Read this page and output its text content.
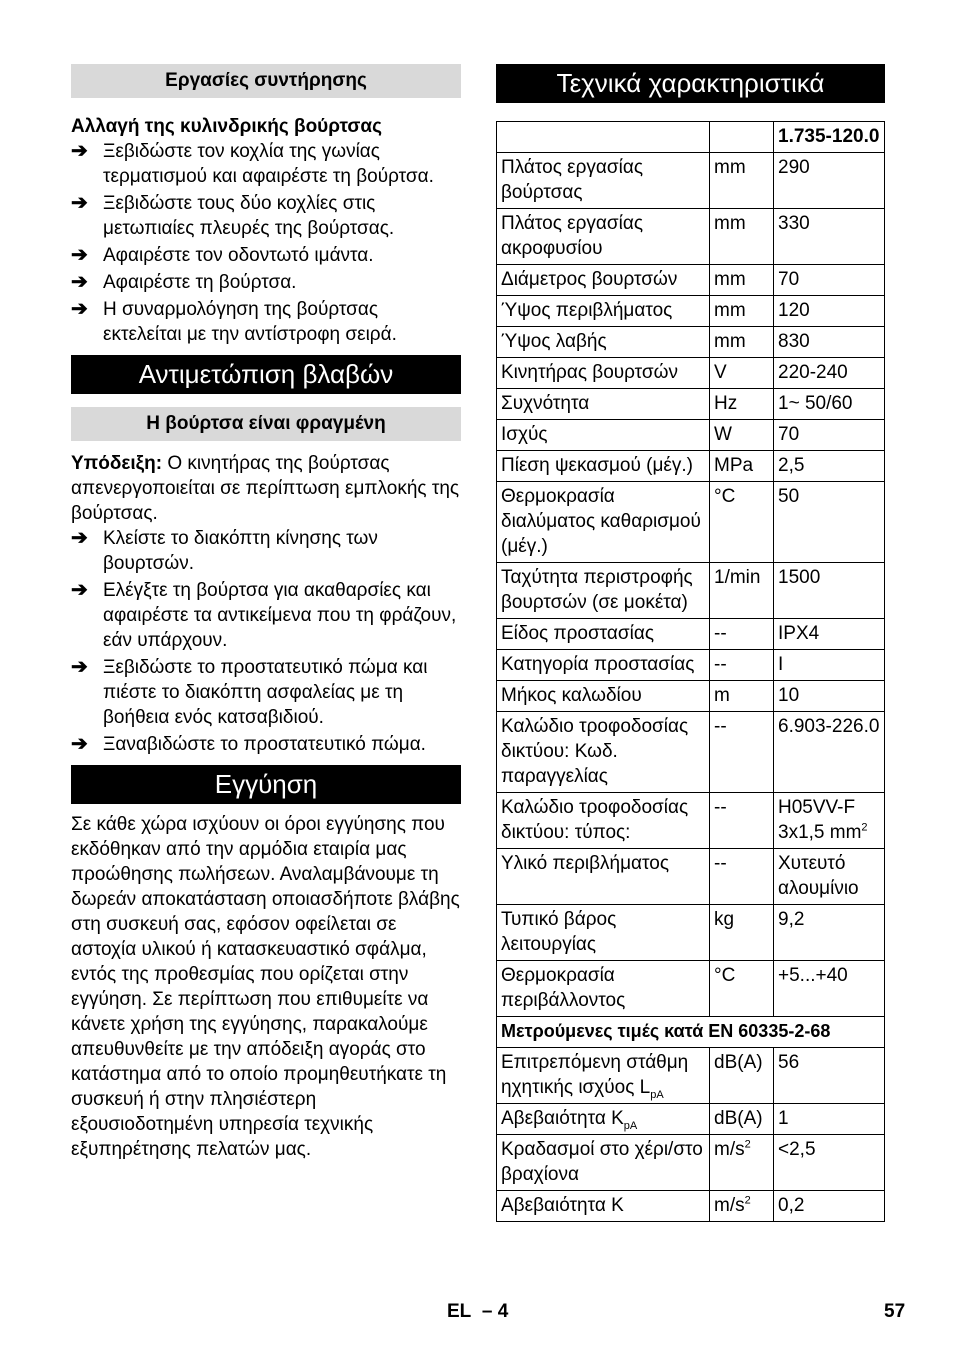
Εργασίες συντήρησης

Αλλαγή της κυλινδρικής βούρτσας

➔ Ξεβιδώστε τον κοχλία της γωνίας τερματισμού και αφαιρέστε τη βούρτσα.
➔ Ξεβιδώστε τους δύο κοχλίες στις μετωπιαίες πλευρές της βούρτσας.
➔ Αφαιρέστε τον οδοντωτό ιμάντα.
➔ Αφαιρέστε τη βούρτσα.
➔ Η συναρμολόγηση της βούρτσας εκτελείται με την αντίστροφη σειρά.
Αντιμετώπιση βλαβών
Η βούρτσα είναι φραγμένη

Υπόδειξη: Ο κινητήρας της βούρτσας απενεργοποιείται σε περίπτωση εμπλοκής της βούρτσας.

➔ Κλείστε το διακόπτη κίνησης των βουρτσών.
➔ Ελέγξτε τη βούρτσα για ακαθαρσίες και αφαιρέστε τα αντικείμενα που τη φράζουν, εάν υπάρχουν.
➔ Ξεβιδώστε το προστατευτικό πώμα και πιέστε το διακόπτη ασφαλείας με τη βοήθεια ενός κατσαβιδιού.
➔ Ξαναβιδώστε το προστατευτικό πώμα.
Εγγύηση

Σε κάθε χώρα ισχύουν οι όροι εγγύησης που εκδόθηκαν από την αρμόδια εταιρία μας προώθησης πωλήσεων. Αναλαμβάνουμε τη δωρεάν αποκατάσταση οποιασδήποτε βλάβης στη συσκευή σας, εφόσον οφείλεται σε αστοχία υλικού ή κατασκευαστικό σφάλμα, εντός της προθεσμίας που ορίζεται στην εγγύηση. Σε περίπτωση που επιθυμείτε να κάνετε χρήση της εγγύησης, παρακαλούμε απευθυνθείτε με την απόδειξη αγοράς στο κατάστημα από το οποίο προμηθευτήκατε τη συσκευή ή στην πλησιέστερη εξουσιοδοτημένη υπηρεσία τεχνικής εξυπηρέτησης πελατών μας.

Τεχνικά χαρακτηριστικά
		1.735-120.0
Πλάτος εργασίας βούρτσας	mm	290
Πλάτος εργασίας ακροφυσίου	mm	330
Διάμετρος βουρτσών	mm	70
Ύψος περιβλήματος	mm	120
Ύψος λαβής	mm	830
Κινητήρας βουρτσών	V	220-240
Συχνότητα	Hz	1~ 50/60
Ισχύς	W	70
Πίεση ψεκασμού (μέγ.)	MPa	2,5
Θερμοκρασία διαλύματος καθαρισμού (μέγ.)	°C	50
Ταχύτητα περιστροφής βουρτσών (σε μοκέτα)	1/min	1500
Είδος προστασίας	--	IPX4
Κατηγορία προστασίας	--	I
Μήκος καλωδίου	m	10
Καλώδιο τροφοδοσίας δικτύου: Κωδ. παραγγελίας	--	6.903-226.0
Καλώδιο τροφοδοσίας δικτύου: τύπος:	--	H05VV-F 3x1,5 $mm^2$
Υλικό περιβλήματος	--	Χυτευτό αλουμίνιο
Τυπικό βάρος λειτουργίας	kg	9,2
Θερμοκρασία περιβάλλοντος	°C	+5...+40
Μετρούμενες τιμές κατά EN 60335-2-68		
Επιτρεπόμενη στάθμη ηχητικής ισχύος $L_{pA}$	dB(A)	56
Αβεβαιότητα $K_{pA}$	dB(A)	1
Κραδασμοί στο χέρι/στο βραχίονα	$m/s^2$	<2,5
Αβεβαιότητα K	$m/s^2$	0,2
EL – 4	57
